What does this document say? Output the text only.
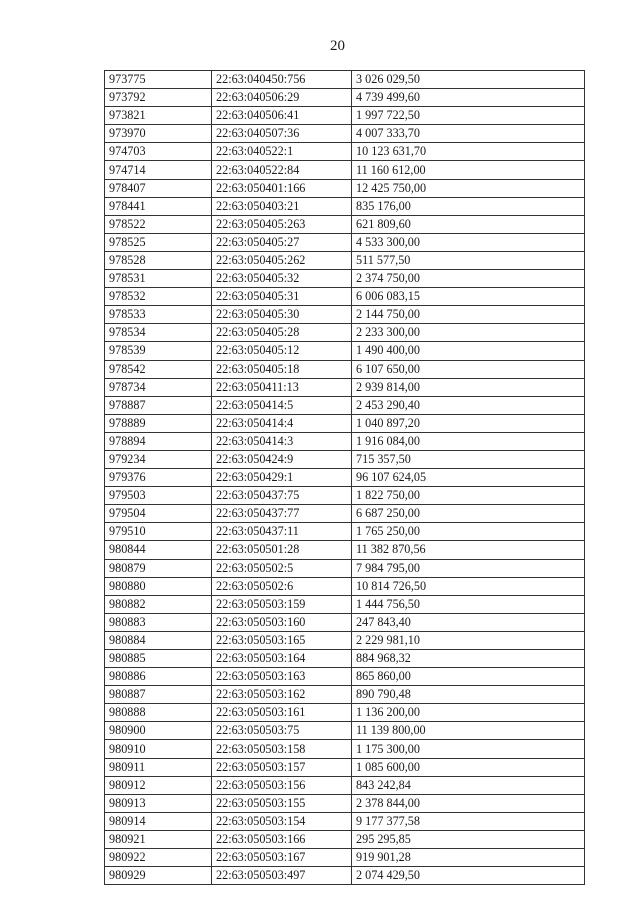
20
973775	22:63:040450:756	3 026 029,50
973792	22:63:040506:29	4 739 499,60
973821	22:63:040506:41	1 997 722,50
973970	22:63:040507:36	4 007 333,70
974703	22:63:040522:1	10 123 631,70
974714	22:63:040522:84	11 160 612,00
978407	22:63:050401:166	12 425 750,00
978441	22:63:050403:21	835 176,00
978522	22:63:050405:263	621 809,60
978525	22:63:050405:27	4 533 300,00
978528	22:63:050405:262	511 577,50
978531	22:63:050405:32	2 374 750,00
978532	22:63:050405:31	6 006 083,15
978533	22:63:050405:30	2 144 750,00
978534	22:63:050405:28	2 233 300,00
978539	22:63:050405:12	1 490 400,00
978542	22:63:050405:18	6 107 650,00
978734	22:63:050411:13	2 939 814,00
978887	22:63:050414:5	2 453 290,40
978889	22:63:050414:4	1 040 897,20
978894	22:63:050414:3	1 916 084,00
979234	22:63:050424:9	715 357,50
979376	22:63:050429:1	96 107 624,05
979503	22:63:050437:75	1 822 750,00
979504	22:63:050437:77	6 687 250,00
979510	22:63:050437:11	1 765 250,00
980844	22:63:050501:28	11 382 870,56
980879	22:63:050502:5	7 984 795,00
980880	22:63:050502:6	10 814 726,50
980882	22:63:050503:159	1 444 756,50
980883	22:63:050503:160	247 843,40
980884	22:63:050503:165	2 229 981,10
980885	22:63:050503:164	884 968,32
980886	22:63:050503:163	865 860,00
980887	22:63:050503:162	890 790,48
980888	22:63:050503:161	1 136 200,00
980900	22:63:050503:75	11 139 800,00
980910	22:63:050503:158	1 175 300,00
980911	22:63:050503:157	1 085 600,00
980912	22:63:050503:156	843 242,84
980913	22:63:050503:155	2 378 844,00
980914	22:63:050503:154	9 177 377,58
980921	22:63:050503:166	295 295,85
980922	22:63:050503:167	919 901,28
980929	22:63:050503:497	2 074 429,50
